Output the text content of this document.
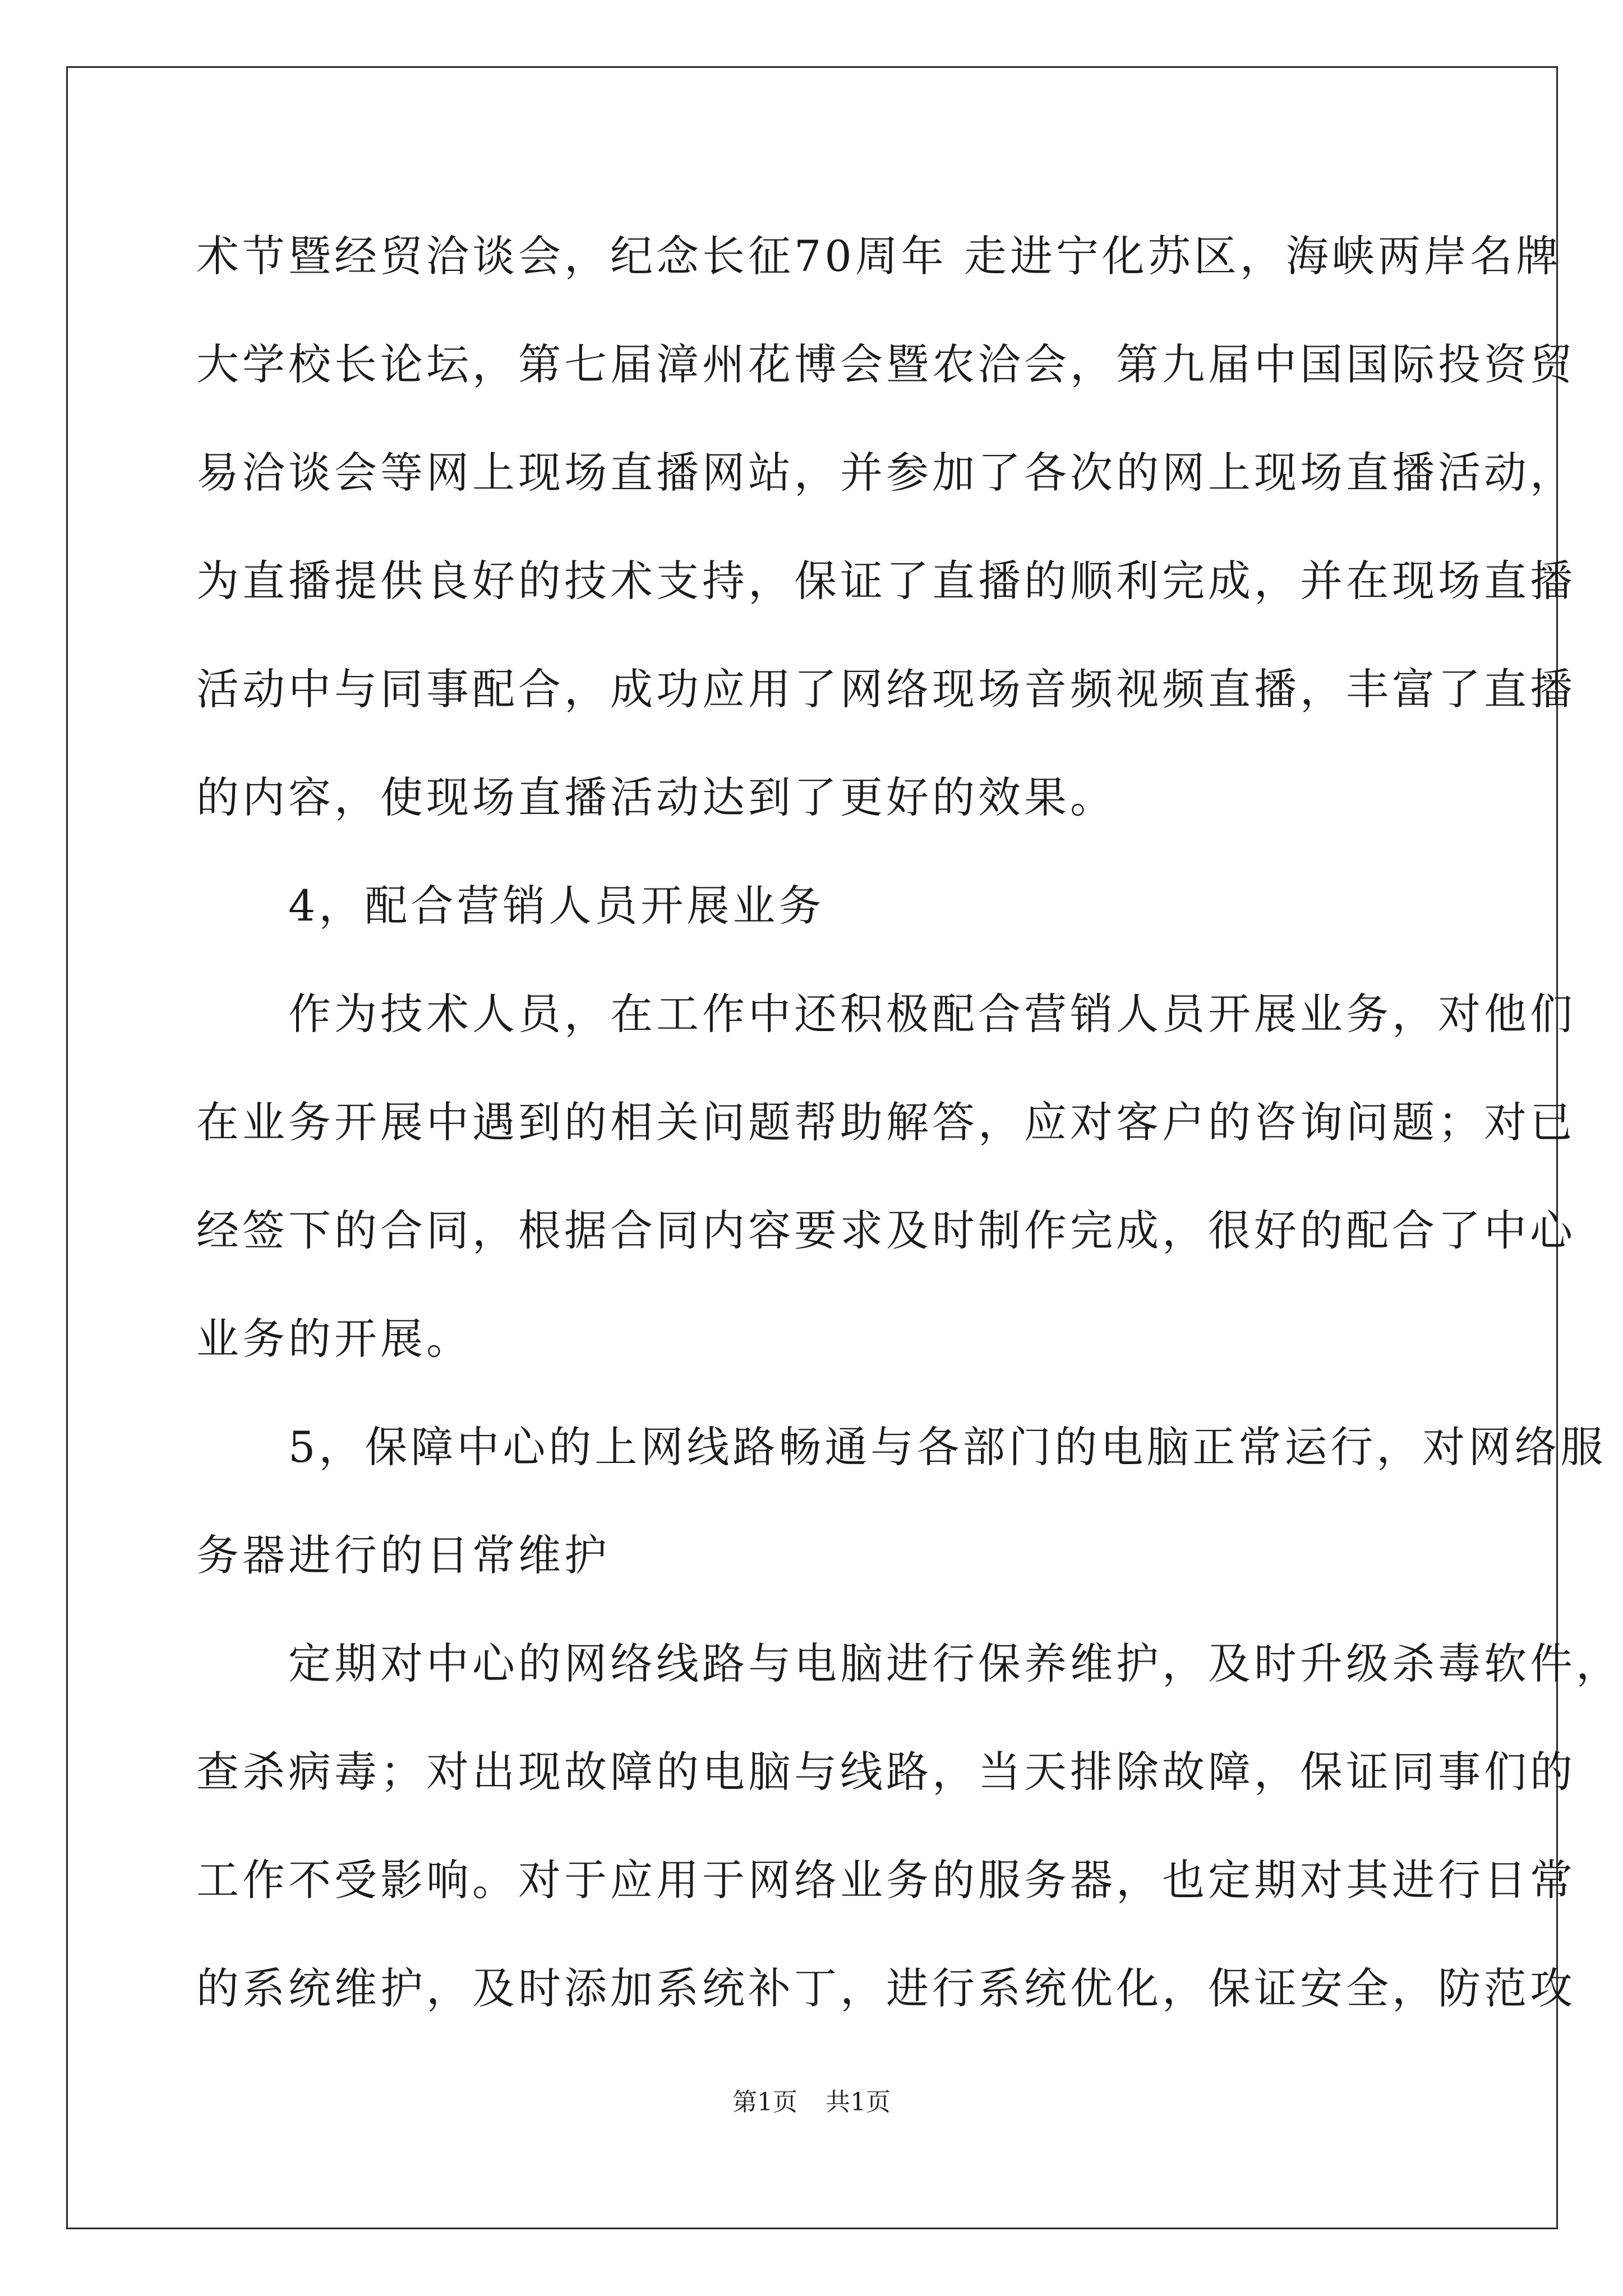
术节暨经贸洽谈会，纪念长征70周年 走进宁化苏区，海峡两岸名牌
大学校长论坛，第七届漳州花博会暨农洽会，第九届中国国际投资贸
易洽谈会等网上现场直播网站，并参加了各次的网上现场直播活动，
为直播提供良好的技术支持，保证了直播的顺利完成，并在现场直播
活动中与同事配合，成功应用了网络现场音频视频直播，丰富了直播
的内容，使现场直播活动达到了更好的效果。
　　4，配合营销人员开展业务
　　作为技术人员，在工作中还积极配合营销人员开展业务，对他们
在业务开展中遇到的相关问题帮助解答，应对客户的咨询问题；对已
经签下的合同，根据合同内容要求及时制作完成，很好的配合了中心
业务的开展。
　　5，保障中心的上网线路畅通与各部门的电脑正常运行，对网络服
务器进行的日常维护
　　定期对中心的网络线路与电脑进行保养维护，及时升级杀毒软件，
查杀病毒；对出现故障的电脑与线路，当天排除故障，保证同事们的
工作不受影响。对于应用于网络业务的服务器，也定期对其进行日常
的系统维护，及时添加系统补丁，进行系统优化，保证安全，防范攻
第1页 共1页
